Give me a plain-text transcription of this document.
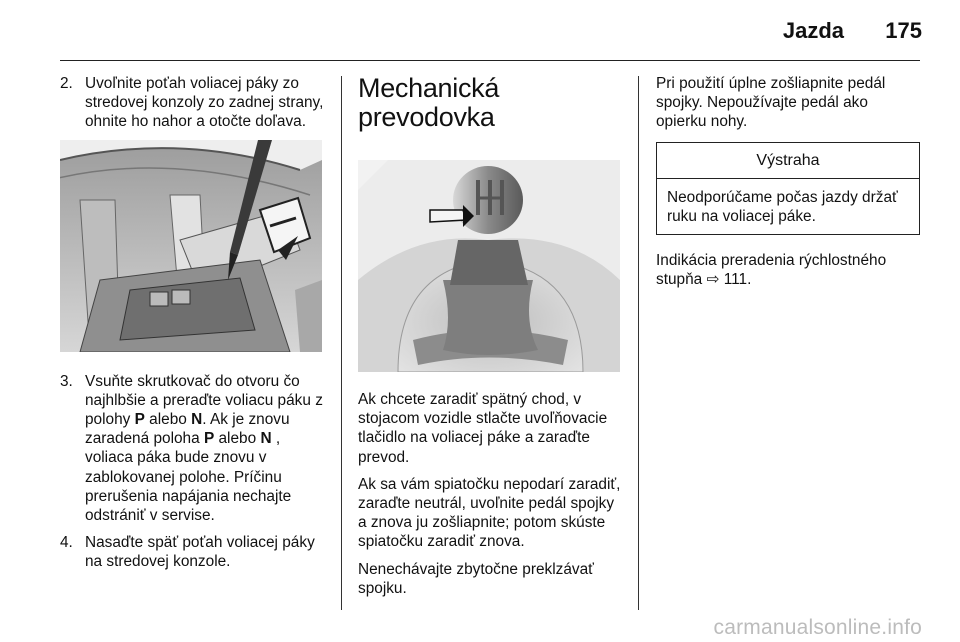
Jazda 175
2. Uvoľnite poťah voliacej páky zo stredovej konzoly zo zadnej strany, ohnite ho nahor a otočte doľava.
3. Vsuňte skrutkovač do otvoru čo najhlbšie a preraďte voliacu páku z polohy P alebo N. Ak je znovu zaradená poloha P alebo N , voliaca páka bude znovu v zablokovanej polohe. Príčinu prerušenia napájania nechajte odstrániť v servise.
4. Nasaďte späť poťah voliacej páky na stredovej konzole.
Mechanická
prevodovka

Ak chcete zaradiť spätný chod, v stojacom vozidle stlačte uvoľňovacie tlačidlo na voliacej páke a zaraďte prevod.

Ak sa vám spiatočku nepodarí zaradiť, zaraďte neutrál, uvoľnite pedál spojky a znova ju zošliapnite; potom skúste spiatočku zaradiť znova.

Nenechávajte zbytočne preklzávať spojku.

Pri použití úplne zošliapnite pedál spojky. Nepoužívajte pedál ako opierku nohy.

Výstraha
Neodporúčame počas jazdy držať ruku na voliacej páke.

Indikácia preradenia rýchlostného stupňa ⇨ 111.

carmanualsonline.info
